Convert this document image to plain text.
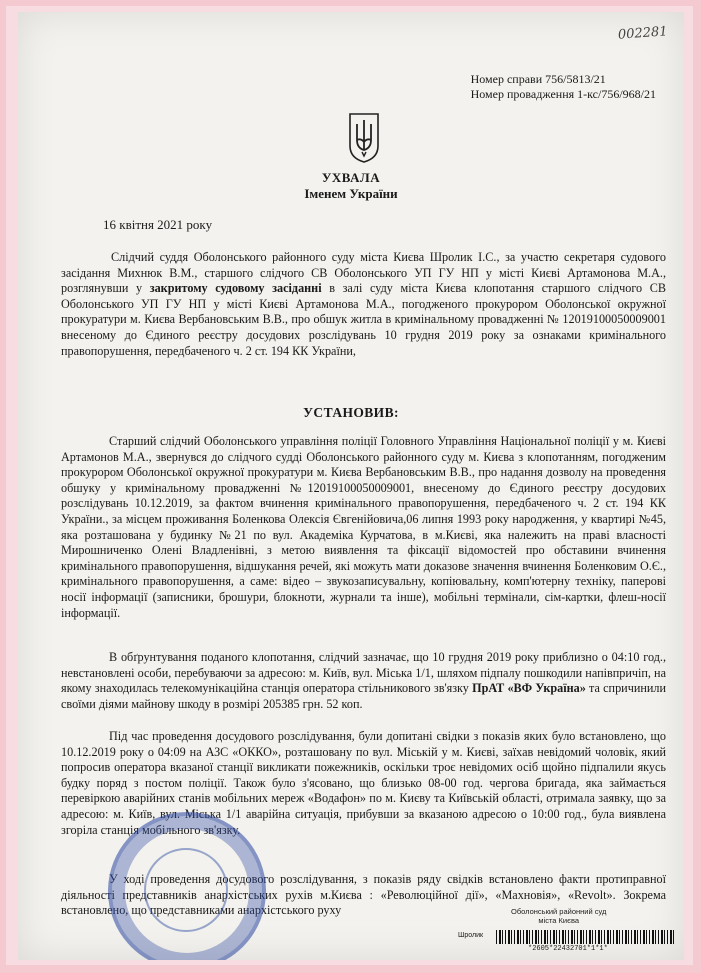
002281
Номер справи 756/5813/21
Номер провадження 1-кс/756/968/21
УХВАЛА
Іменем України
16 квітня 2021 року
Слідчий суддя Оболонського районного суду міста Києва Шролик І.С., за участю секретаря судового засідання Михнюк В.М., старшого слідчого СВ Оболонського УП ГУ НП у місті Києві Артамонова М.А., розглянувши у закритому судовому засіданні в залі суду міста Києва клопотання старшого слідчого СВ Оболонського УП ГУ НП у місті Києві Артамонова М.А., погодженого прокурором Оболонської окружної прокуратури м. Києва Вербановським В.В., про обшук житла в кримінальному провадженні № 12019100050009001 внесеному до Єдиного реєстру досудових розслідувань 10 грудня 2019 року за ознаками кримінального правопорушення, передбаченого ч. 2 ст. 194 КК України,
УСТАНОВИВ:
Старший слідчий Оболонського управління поліції Головного Управління Національної поліції у м. Києві Артамонов М.А., звернувся до слідчого судді Оболонського районного суду м. Києва з клопотанням, погодженим прокурором Оболонської окружної прокуратури м. Києва Вербановським В.В., про надання дозволу на проведення обшуку у кримінальному провадженні №12019100050009001, внесеному до Єдиного реєстру досудових розслідувань 10.12.2019, за фактом вчинення кримінального правопорушення, передбаченого ч. 2 ст. 194 КК України., за місцем проживання Боленкова Олексія Євгенійовича,06 липня 1993 року народження, у квартирі №45, яка розташована у будинку №21 по вул. Академіка Курчатова, в м.Києві, яка належить на праві власності Мирошниченко Олені Владленівні, з метою виявлення та фіксації відомостей про обставини вчинення кримінального правопорушення, відшукання речей, які можуть мати доказове значення вчинення Боленковим О.Є., кримінального правопорушення, а саме: відео – звукозаписувальну, копіювальну, комп'ютерну техніку, паперові носії інформації (записники, брошури, блокноти, журнали та інше), мобільні термінали, сім-картки, флеш-носії інформації.
В обґрунтування поданого клопотання, слідчий зазначає, що 10 грудня 2019 року приблизно о 04:10 год., невстановлені особи, перебуваючи за адресою: м. Київ, вул. Міська 1/1, шляхом підпалу пошкодили напівпричіп, на якому знаходилась телекомунікаційна станція оператора стільникового зв'язку ПрАТ «ВФ Україна» та спричинили своїми діями майнову шкоду в розмірі 205385 грн. 52 коп.
Під час проведення досудового розслідування, були допитані свідки з показів яких було встановлено, що 10.12.2019 року о 04:09 на АЗС «ОККО», розташовану по вул. Міській у м. Києві, заїхав невідомий чоловік, який попросив оператора вказаної станції викликати пожежників, оскільки троє невідомих осіб щойно підпалили якусь будку поряд з постом поліції. Також було з'ясовано, що близько 08-00 год. чергова бригада, яка займається перевіркою аварійних станів мобільних мереж «Водафон» по м. Києву та Київській області, отримала заявку, що за адресою: м. Київ, вул. Міська 1/1 аварійна ситуація, прибувши за вказаною адресою о 10:00 год., була виявлена згоріла станція мобільного зв'язку.
У ході проведення досудового розслідування, з показів ряду свідків встановлено факти протиправної діяльності представників анархістських рухів м.Києва : «Революційної дії», «Махновія», «Revolt». Зокрема встановлено, що представниками анархістського руху	Оболонський районний суд
міста Києва
Шролик
*2605*22432701*1*1*
